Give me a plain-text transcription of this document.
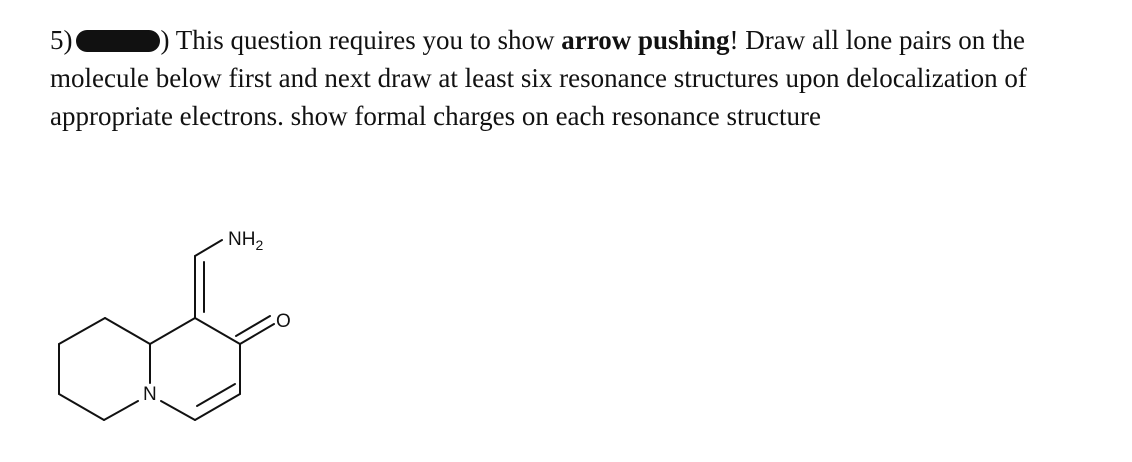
5)	) This question requires you to show arrow pushing! Draw all lone pairs on the molecule below first and next draw at least six resonance structures upon delocalization of appropriate electrons. show formal charges on each resonance structure

$NH_2$
O
N
